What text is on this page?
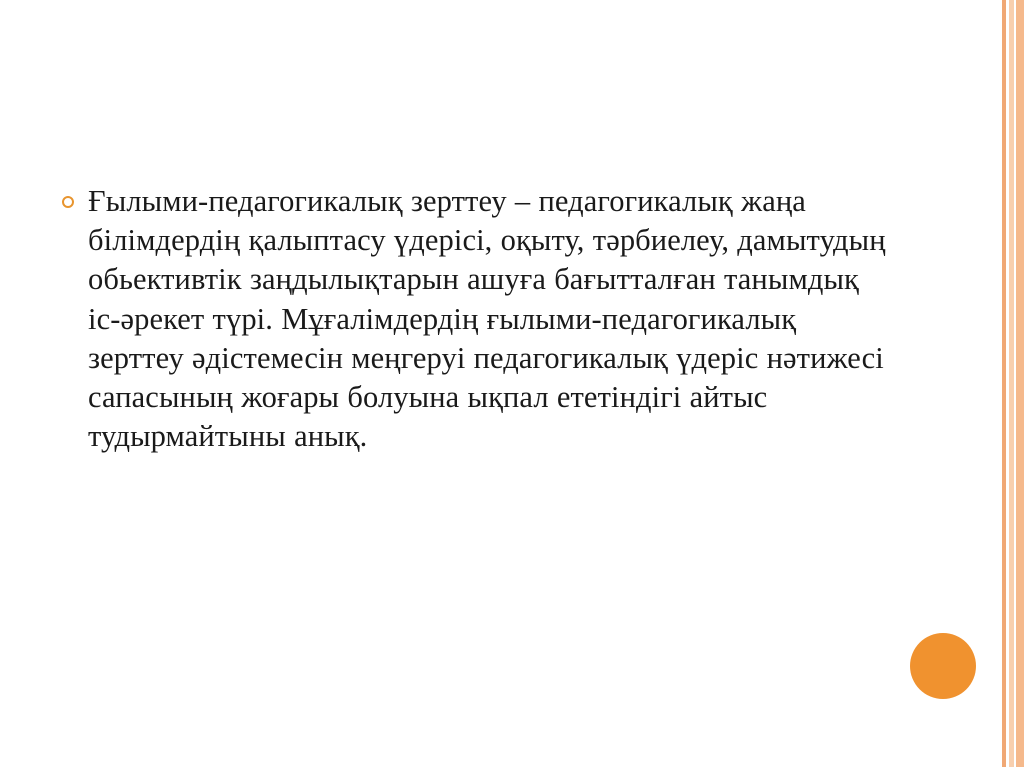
Ғылыми-педагогикалық зерттеу – педагогикалық жаңа білімдердің қалыптасу үдерісі, оқыту, тәрбиелеу, дамытудың обьективтік заңдылықтарын ашуға бағытталған танымдық іс-әрекет түрі. Мұғалімдердің ғылыми-педагогикалық зерттеу әдістемесін меңгеруі педагогикалық үдеріс нәтижесі сапасының жоғары болуына ықпал ететіндігі айтыс тудырмайтыны анық.
